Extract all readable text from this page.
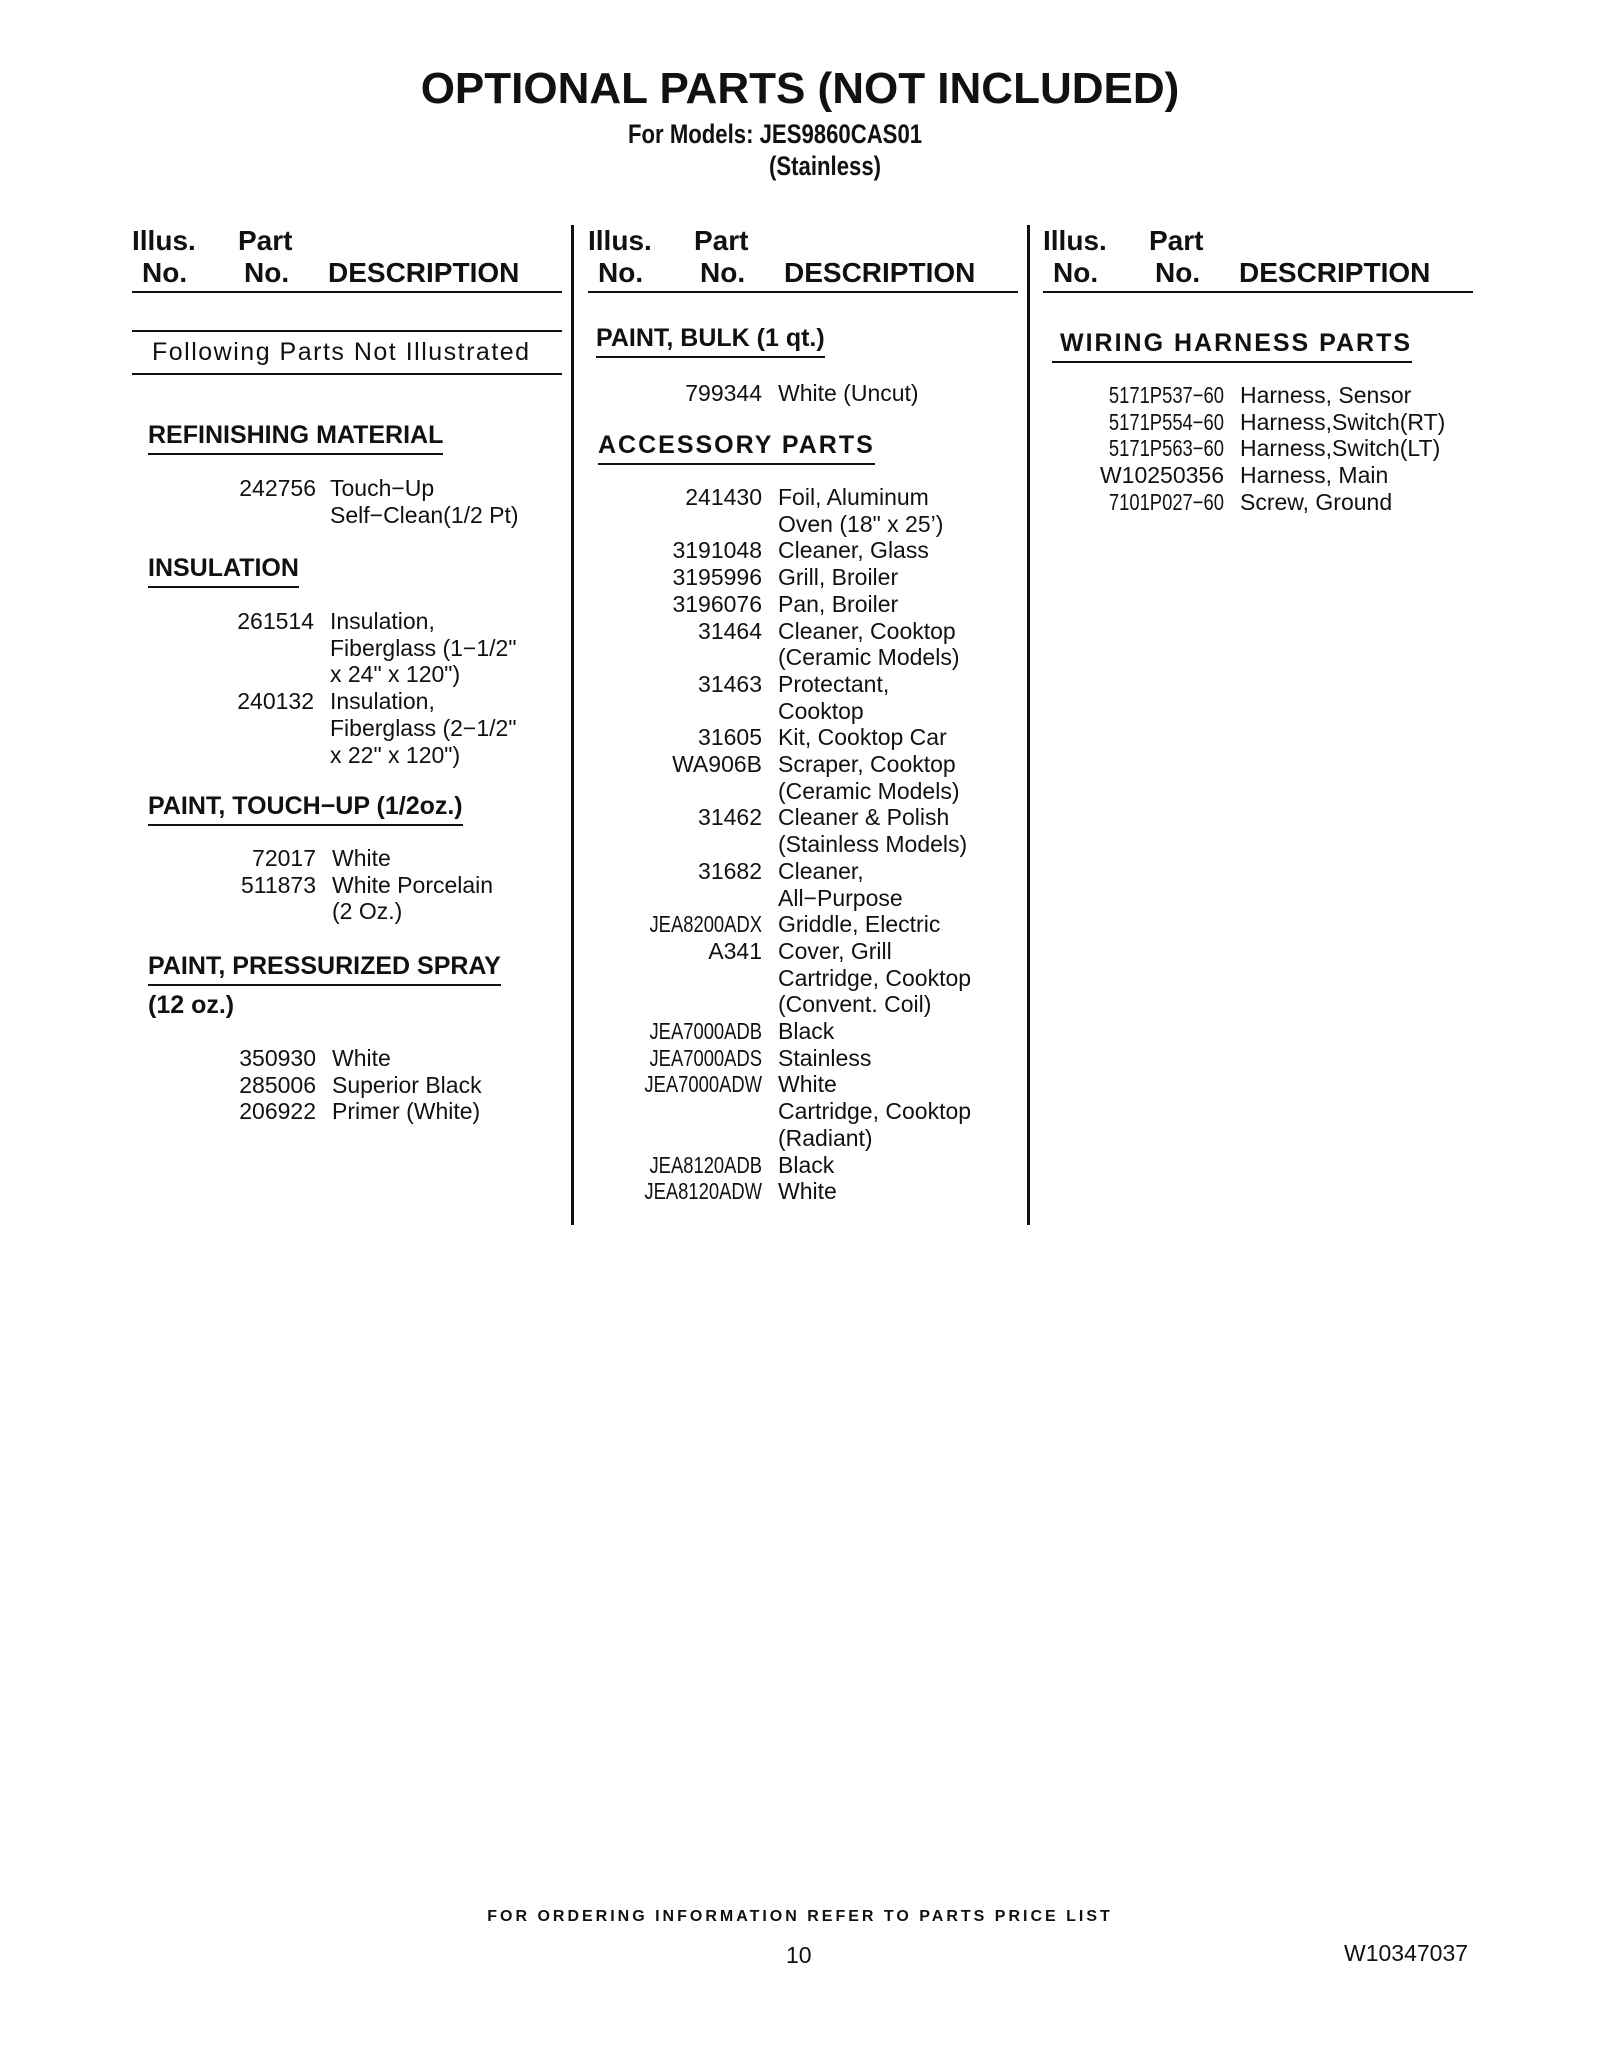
OPTIONAL PARTS (NOT INCLUDED)
For Models: JES9860CAS01
(Stainless)
Illus. Part
No. No. DESCRIPTION
Illus. Part
No. No. DESCRIPTION
Illus. Part
No. No. DESCRIPTION
Following Parts Not Illustrated
REFINISHING MATERIAL
242756 Touch−Up
Self−Clean(1/2 Pt)
INSULATION
261514 Insulation,
Fiberglass (1−1/2"
x 24" x 120")
240132 Insulation,
Fiberglass (2−1/2"
x 22" x 120")
PAINT, TOUCH−UP (1/2oz.)
72017 White
511873 White Porcelain
(2 Oz.)
PAINT, PRESSURIZED SPRAY
(12 oz.)
350930 White
285006 Superior Black
206922 Primer (White)
PAINT, BULK (1 qt.)
799344 White (Uncut)
ACCESSORY PARTS
241430 Foil, Aluminum
Oven (18" x 25’)
3191048 Cleaner, Glass
3195996 Grill, Broiler
3196076 Pan, Broiler
31464 Cleaner, Cooktop
(Ceramic Models)
31463 Protectant,
Cooktop
31605 Kit, Cooktop Car
WA906B Scraper, Cooktop
(Ceramic Models)
31462 Cleaner & Polish
(Stainless Models)
31682 Cleaner,
All−Purpose
JEA8200ADX Griddle, Electric
A341 Cover, Grill
Cartridge, Cooktop
(Convent. Coil)
JEA7000ADB Black
JEA7000ADS Stainless
JEA7000ADW White
Cartridge, Cooktop
(Radiant)
JEA8120ADB Black
JEA8120ADW White
WIRING HARNESS PARTS
5171P537−60 Harness, Sensor
5171P554−60 Harness,Switch(RT)
5171P563−60 Harness,Switch(LT)
W10250356 Harness, Main
7101P027−60 Screw, Ground
FOR ORDERING INFORMATION REFER TO PARTS PRICE LIST
10	W10347037
